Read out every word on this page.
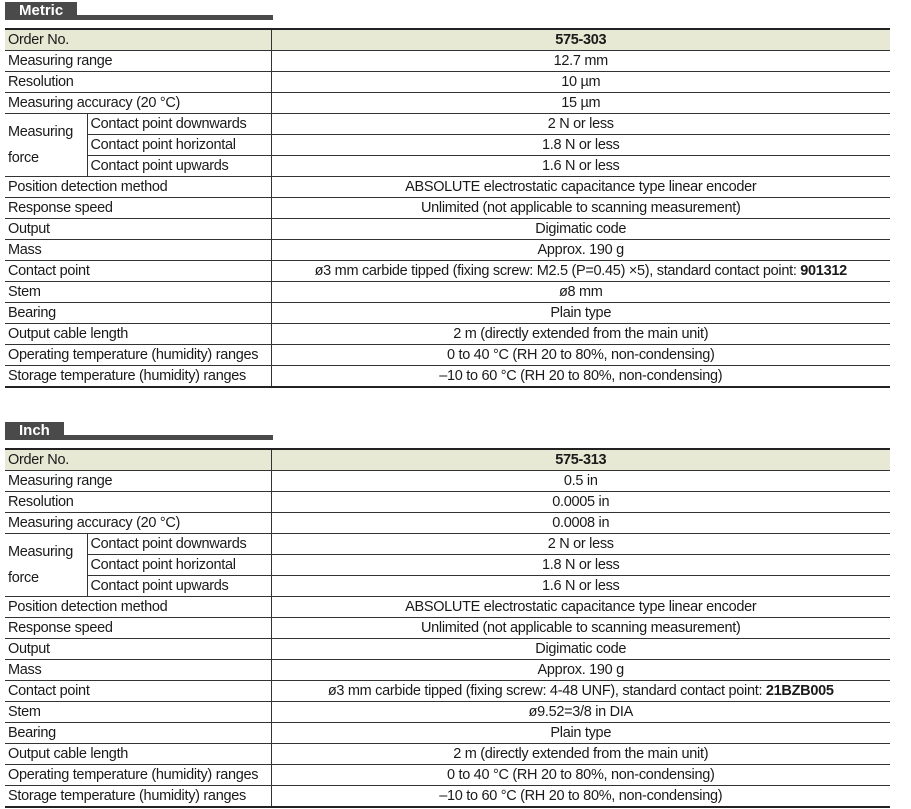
Metric
Order No.		575-303
Measuring range		12.7 mm
Resolution		10 µm
Measuring accuracy (20 °C)		15 µm
Measuring force	Contact point downwards	2 N or less
	Contact point horizontal	1.8 N or less
	Contact point upwards	1.6 N or less
Position detection method		ABSOLUTE electrostatic capacitance type linear encoder
Response speed		Unlimited (not applicable to scanning measurement)
Output		Digimatic code
Mass		Approx. 190 g
Contact point		ø3 mm carbide tipped (fixing screw: M2.5 (P=0.45) ×5), standard contact point: 901312
Stem		ø8 mm
Bearing		Plain type
Output cable length		2 m (directly extended from the main unit)
Operating temperature (humidity) ranges		0 to 40 °C (RH 20 to 80%, non-condensing)
Storage temperature (humidity) ranges		–10 to 60 °C (RH 20 to 80%, non-condensing)
Inch
Order No.		575-313
Measuring range		0.5 in
Resolution		0.0005 in
Measuring accuracy (20 °C)		0.0008 in
Measuring force	Contact point downwards	2 N or less
	Contact point horizontal	1.8 N or less
	Contact point upwards	1.6 N or less
Position detection method		ABSOLUTE electrostatic capacitance type linear encoder
Response speed		Unlimited (not applicable to scanning measurement)
Output		Digimatic code
Mass		Approx. 190 g
Contact point		ø3 mm carbide tipped (fixing screw: 4-48 UNF), standard contact point: 21BZB005
Stem		ø9.52=3/8 in DIA
Bearing		Plain type
Output cable length		2 m (directly extended from the main unit)
Operating temperature (humidity) ranges		0 to 40 °C (RH 20 to 80%, non-condensing)
Storage temperature (humidity) ranges		–10 to 60 °C (RH 20 to 80%, non-condensing)
